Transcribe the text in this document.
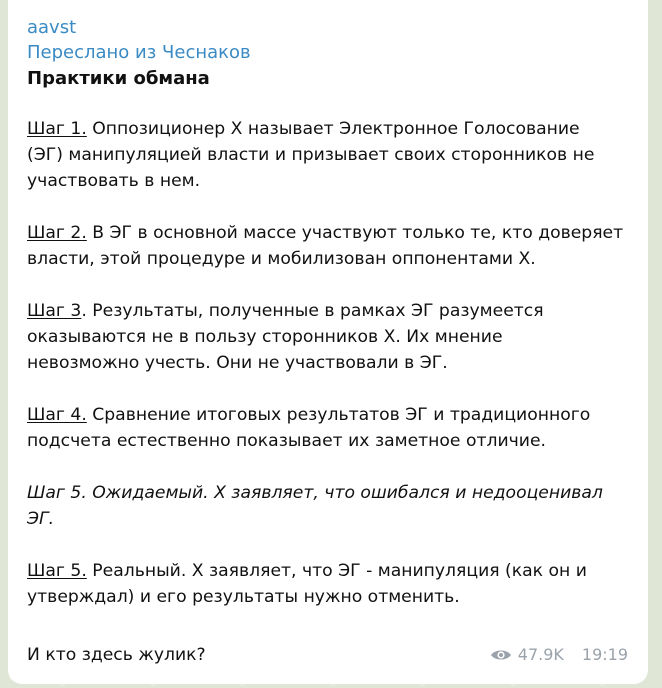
aavst
Переслано из Чеснаков
Практики обмана

Шаг 1. Оппозиционер X называет Электронное Голосование
(ЭГ) манипуляцией власти и призывает своих сторонников не
участвовать в нем.

Шаг 2. В ЭГ в основной массе участвуют только те, кто доверяет
власти, этой процедуре и мобилизован оппонентами X.

Шаг 3. Результаты, полученные в рамках ЭГ разумеется
оказываются не в пользу сторонников X. Их мнение
невозможно учесть. Они не участвовали в ЭГ.

Шаг 4. Сравнение итоговых результатов ЭГ и традиционного
подсчета естественно показывает их заметное отличие.

Шаг 5. Ожидаемый. X заявляет, что ошибался и недооценивал
ЭГ.

Шаг 5. Реальный. X заявляет, что ЭГ - манипуляция (как он и
утверждал) и его результаты нужно отменить.

И кто здесь жулик?	47.9K 19:19
